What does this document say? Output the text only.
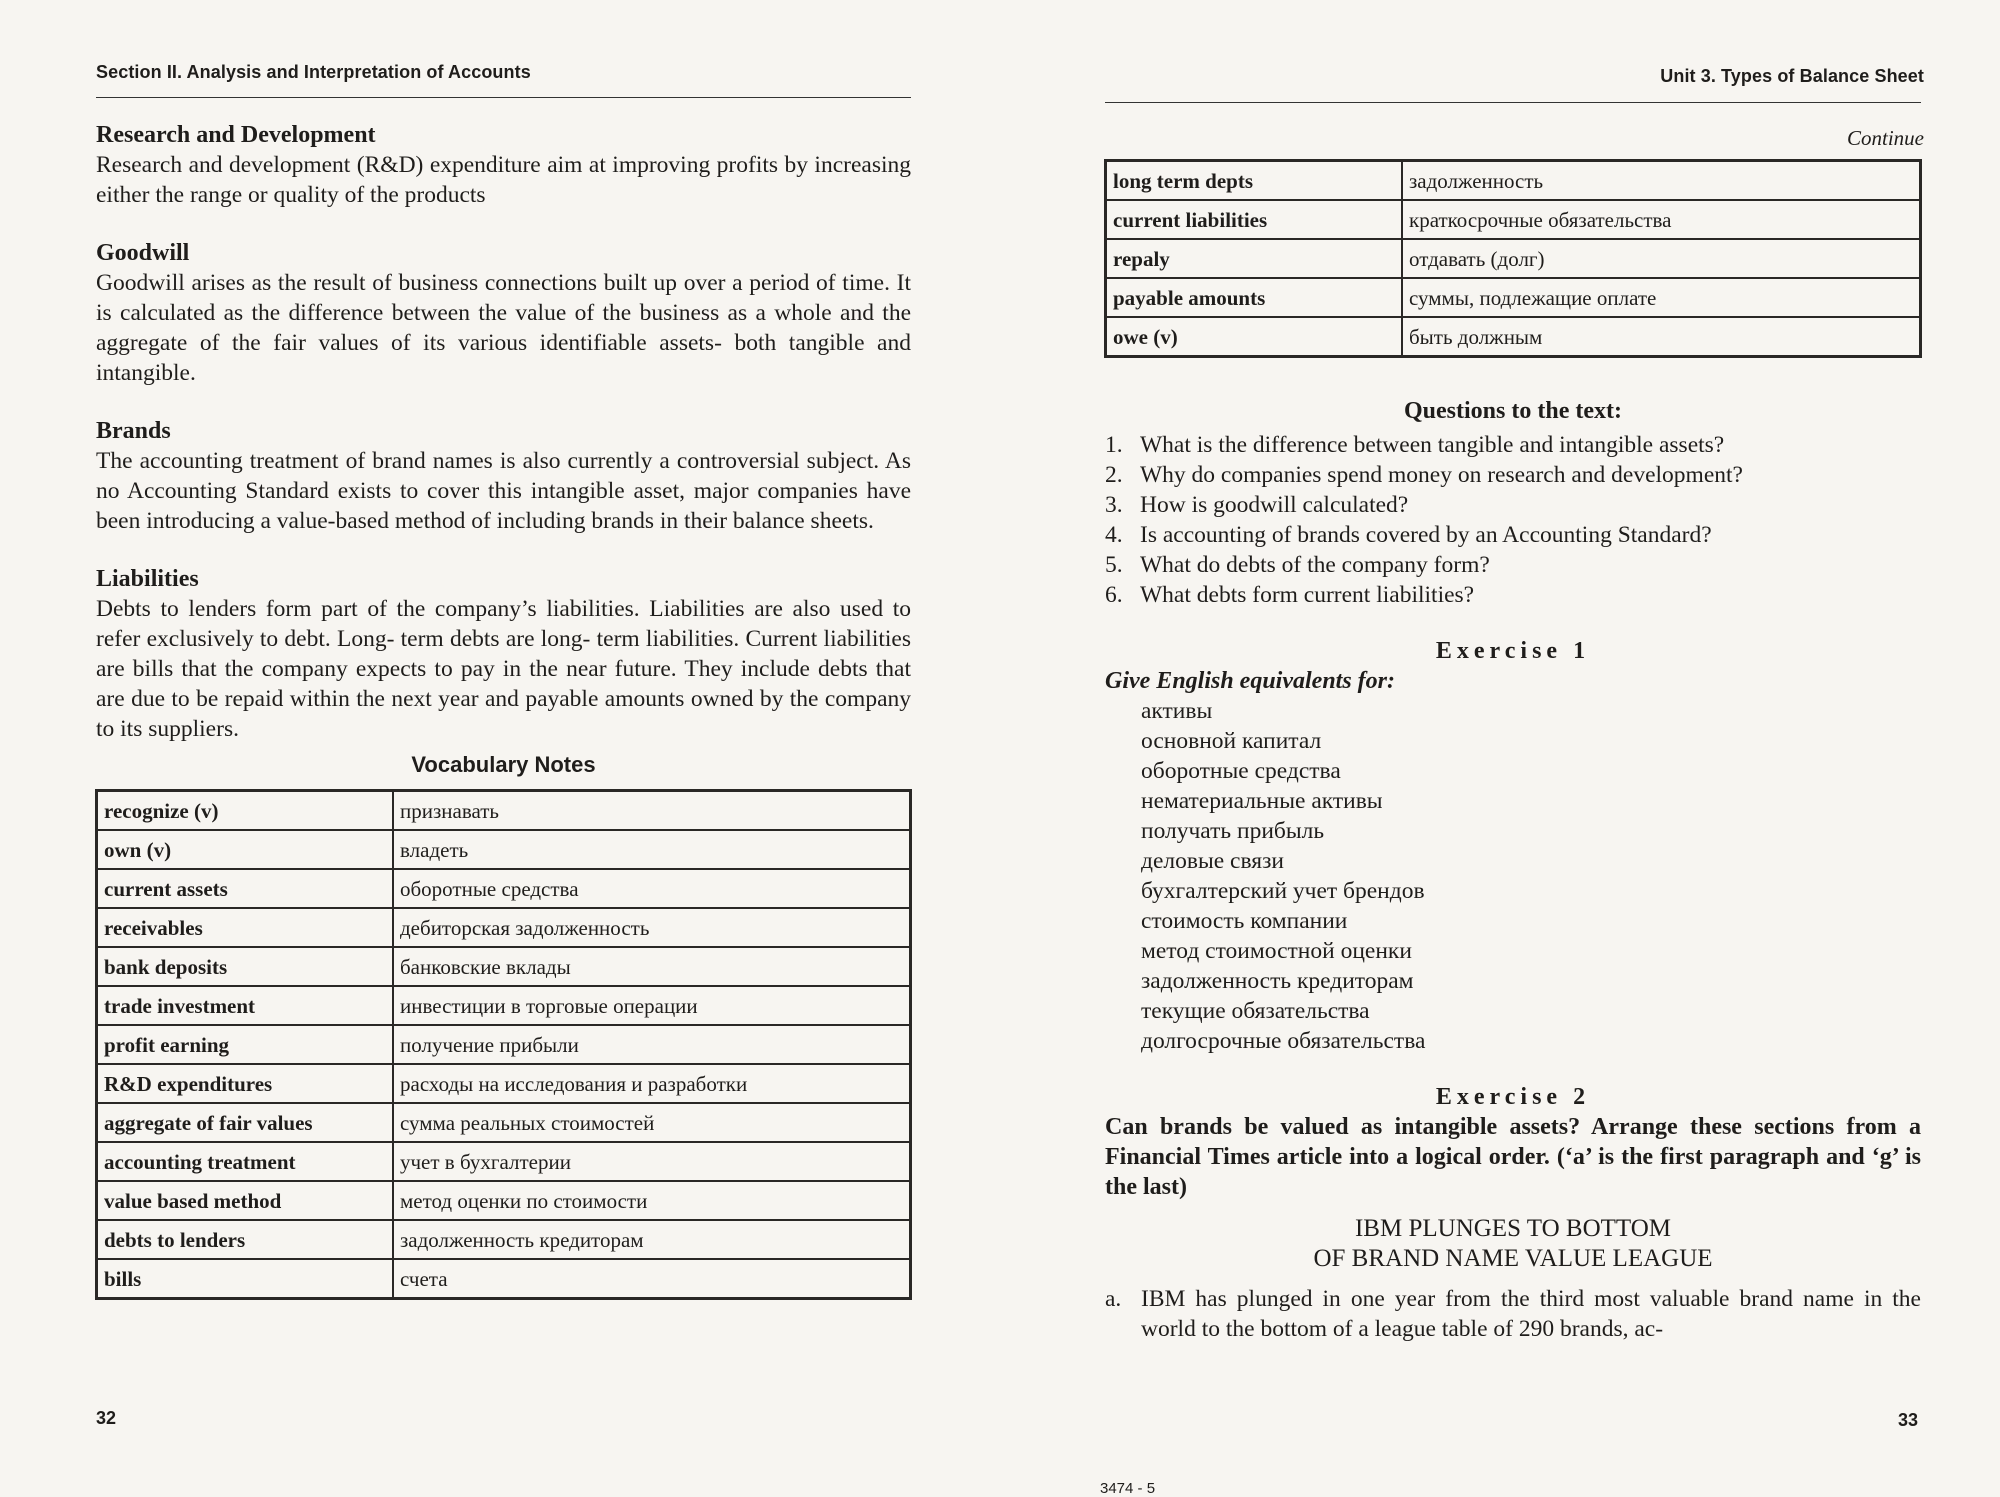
Section II. Analysis and Interpretation of Accounts
Research and Development

Research and development (R&D) expenditure aim at improving profits by increasing either the range or quality of the products

Goodwill

Goodwill arises as the result of business connections built up over a period of time. It is calculated as the difference between the value of the business as a whole and the aggregate of the fair values of its various identifiable assets- both tangible and intangible.

Brands

The accounting treatment of brand names is also currently a controversial subject. As no Accounting Standard exists to cover this intangible asset, major companies have been introducing a value-based method of including brands in their balance sheets.

Liabilities

Debts to lenders form part of the company’s liabilities. Liabilities are also used to refer exclusively to debt. Long- term debts are long- term liabilities. Current liabilities are bills that the company expects to pay in the near future. They include debts that are due to be repaid within the next year and payable amounts owned by the company to its suppliers.

Vocabulary Notes
recognize (v)	признавать
own (v)	владеть
current assets	оборотные средства
receivables	дебиторская задолженность
bank deposits	банковские вклады
trade investment	инвестиции в торговые операции
profit earning	получение прибыли
R&D expenditures	расходы на исследования и разработки
aggregate of fair values	сумма реальных стоимостей
accounting treatment	учет в бухгалтерии
value based method	метод оценки по стоимости
debts to lenders	задолженность кредиторам
bills	счета
32
Unit 3. Types of Balance Sheet
Continue
long term depts	задолженность
current liabilities	краткосрочные обязательства
repaly	отдавать (долг)
payable amounts	суммы, подлежащие оплате
owe (v)	быть должным
Questions to the text:
1. What is the difference between tangible and intangible assets?
2. Why do companies spend money on research and development?
3. How is goodwill calculated?
4. Is accounting of brands covered by an Accounting Standard?
5. What do debts of the company form?
6. What debts form current liabilities?
Exercise 1
Give English equivalents for:
активы
основной капитал
оборотные средства
нематериальные активы
получать прибыль
деловые связи
бухгалтерский учет брендов
стоимость компании
метод стоимостной оценки
задолженность кредиторам
текущие обязательства
долгосрочные обязательства
Exercise 2

Can brands be valued as intangible assets? Arrange these sections from a Financial Times article into a logical order. (‘a’ is the first paragraph and ‘g’ is the last)

IBM PLUNGES TO BOTTOM
OF BRAND NAME VALUE LEAGUE
a. IBM has plunged in one year from the third most valuable brand name in the world to the bottom of a league table of 290 brands, ac-
33
3474 - 5
